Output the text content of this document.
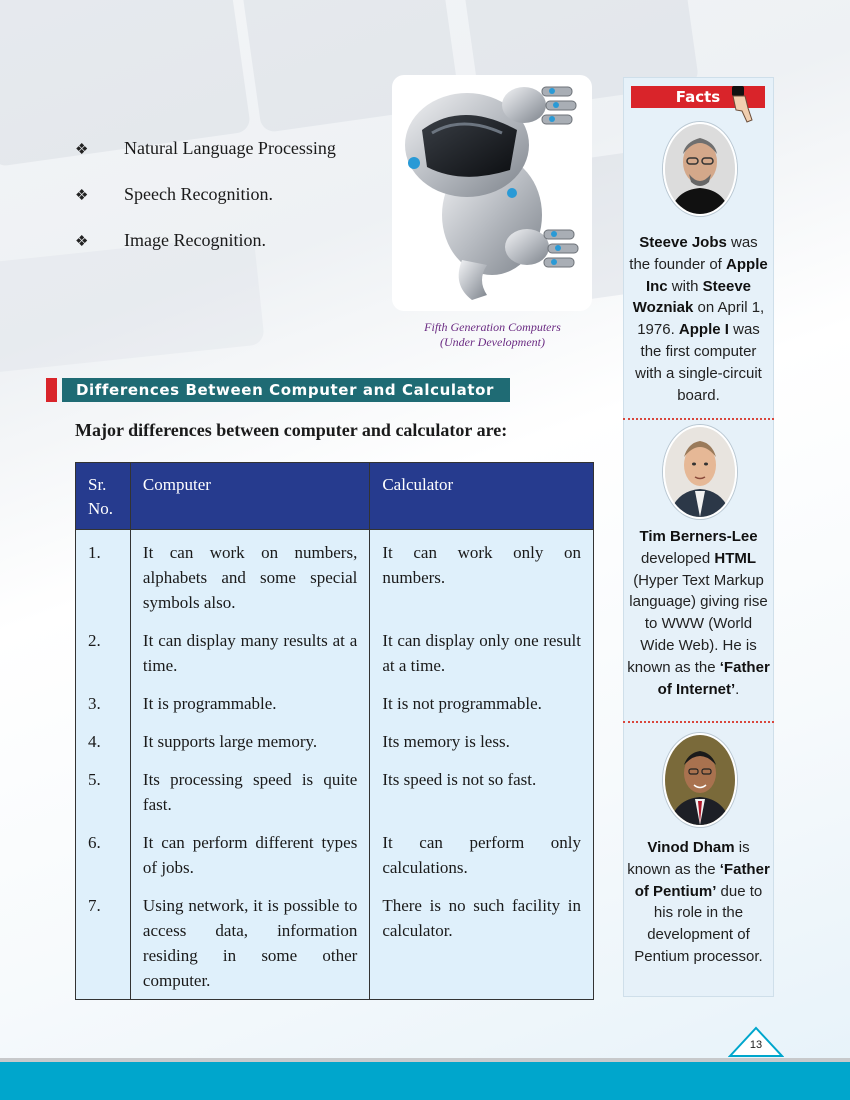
❖	Natural Language Processing
❖	Speech Recognition.
❖	Image Recognition.
Fifth Generation Computers
(Under Development)
Differences Between Computer and Calculator
Major differences between computer and calculator are:
Sr. No.	Computer	Calculator
1.	It can work on numbers, alphabets and some special symbols also.	It can work only on numbers.
2.	It can display many results at a time.	It can display only one result at a time.
3.	It is programmable.	It is not programmable.
4.	It supports large memory.	Its memory is less.
5.	Its processing speed is quite fast.	Its speed is not so fast.
6.	It can perform different types of jobs.	It can perform only calculations.
7.	Using network, it is possible to access data, information residing in some other computer.	There is no such facility in calculator.
Facts
Steeve Jobs was the founder of Apple Inc with Steeve Wozniak on April 1, 1976. Apple I was the first computer with a single-circuit board.
Tim Berners-Lee developed HTML (Hyper Text Markup language) giving rise to WWW (World Wide Web). He is known as the ‘Father of Internet’.
Vinod Dham is known as the ‘Father of Pentium’ due to his role in the development of Pentium processor.
13
